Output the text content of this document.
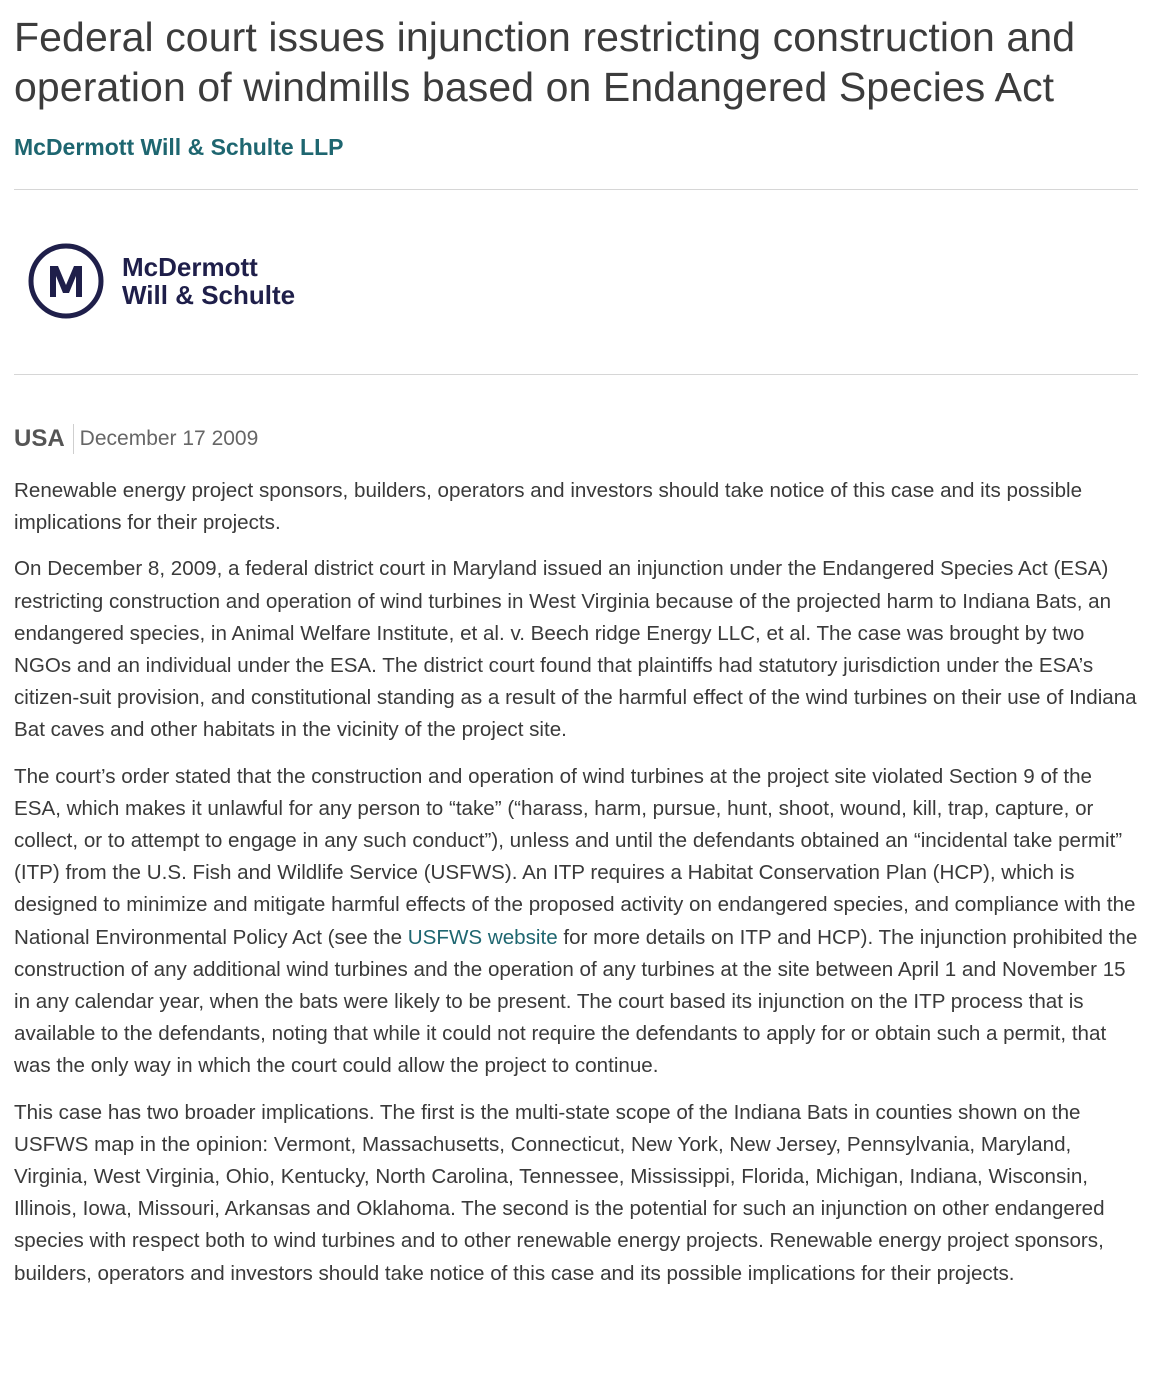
Federal court issues injunction restricting construction and operation of windmills based on Endangered Species Act
McDermott Will & Schulte LLP
McDermott
Will & Schulte
USA December 17 2009

Renewable energy project sponsors, builders, operators and investors should take notice of this case and its possible implications for their projects.

On December 8, 2009, a federal district court in Maryland issued an injunction under the Endangered Species Act (ESA) restricting construction and operation of wind turbines in West Virginia because of the projected harm to Indiana Bats, an endangered species, in Animal Welfare Institute, et al. v. Beech ridge Energy LLC, et al. The case was brought by two NGOs and an individual under the ESA. The district court found that plaintiffs had statutory jurisdiction under the ESA’s citizen-suit provision, and constitutional standing as a result of the harmful effect of the wind turbines on their use of Indiana Bat caves and other habitats in the vicinity of the project site.

The court’s order stated that the construction and operation of wind turbines at the project site violated Section 9 of the ESA, which makes it unlawful for any person to “take” (“harass, harm, pursue, hunt, shoot, wound, kill, trap, capture, or collect, or to attempt to engage in any such conduct”), unless and until the defendants obtained an “incidental take permit” (ITP) from the U.S. Fish and Wildlife Service (USFWS). An ITP requires a Habitat Conservation Plan (HCP), which is designed to minimize and mitigate harmful effects of the proposed activity on endangered species, and compliance with the National Environmental Policy Act (see the USFWS website for more details on ITP and HCP). The injunction prohibited the construction of any additional wind turbines and the operation of any turbines at the site between April 1 and November 15 in any calendar year, when the bats were likely to be present. The court based its injunction on the ITP process that is available to the defendants, noting that while it could not require the defendants to apply for or obtain such a permit, that was the only way in which the court could allow the project to continue.

This case has two broader implications. The first is the multi-state scope of the Indiana Bats in counties shown on the USFWS map in the opinion: Vermont, Massachusetts, Connecticut, New York, New Jersey, Pennsylvania, Maryland, Virginia, West Virginia, Ohio, Kentucky, North Carolina, Tennessee, Mississippi, Florida, Michigan, Indiana, Wisconsin, Illinois, Iowa, Missouri, Arkansas and Oklahoma. The second is the potential for such an injunction on other endangered species with respect both to wind turbines and to other renewable energy projects. Renewable energy project sponsors, builders, operators and investors should take notice of this case and its possible implications for their projects.
